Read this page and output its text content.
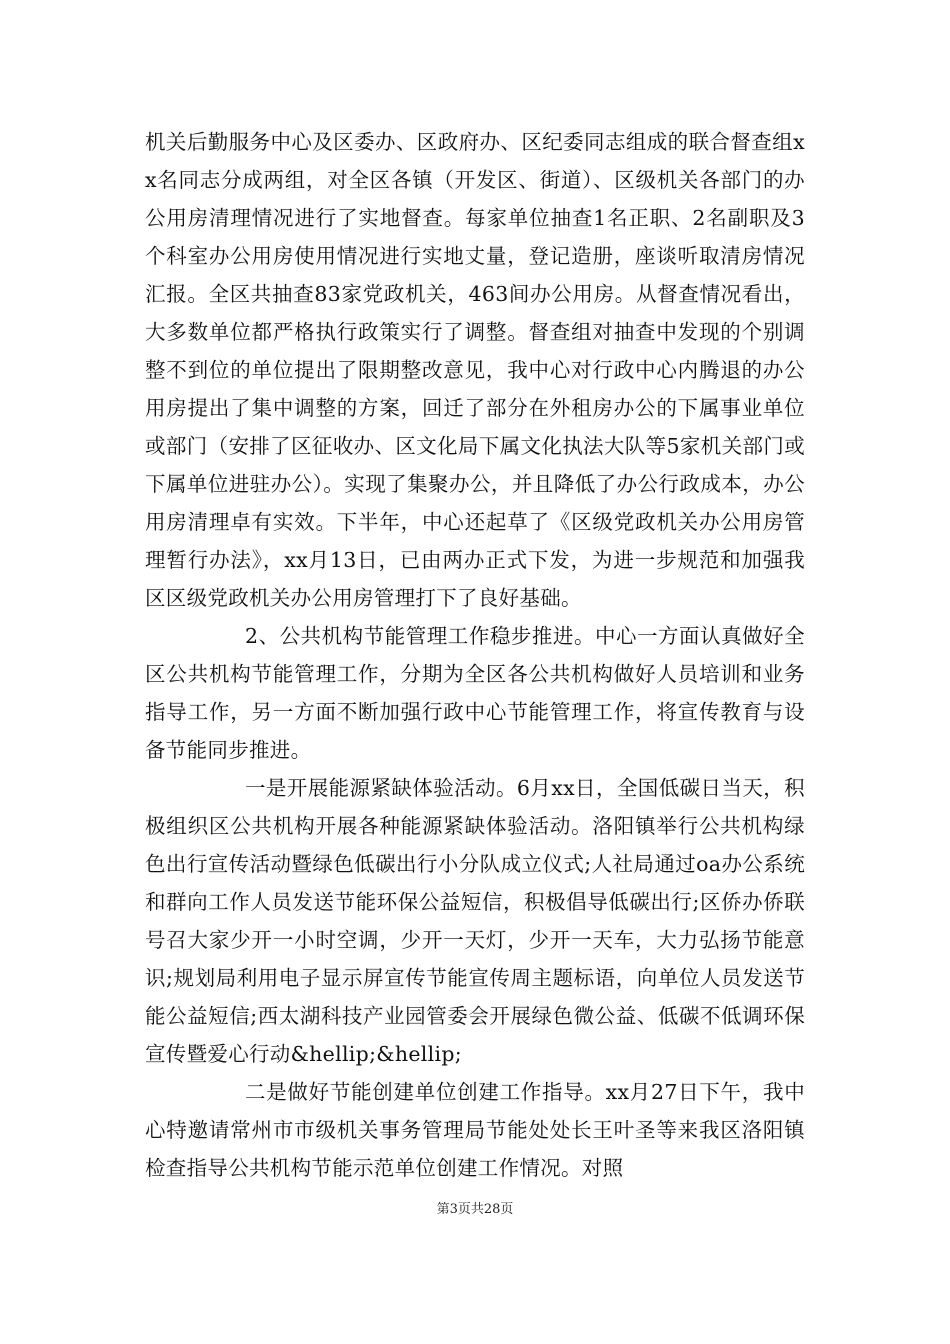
机关后勤服务中心及区委办、区政府办、区纪委同志组成的联合督查组xx名同志分成两组，对全区各镇（开发区、街道）、区级机关各部门的办公用房清理情况进行了实地督查。每家单位抽查1名正职、2名副职及3个科室办公用房使用情况进行实地丈量，登记造册，座谈听取清房情况汇报。全区共抽查83家党政机关，463间办公用房。从督查情况看出，大多数单位都严格执行政策实行了调整。督查组对抽查中发现的个别调整不到位的单位提出了限期整改意见，我中心对行政中心内腾退的办公用房提出了集中调整的方案，回迁了部分在外租房办公的下属事业单位或部门（安排了区征收办、区文化局下属文化执法大队等5家机关部门或下属单位进驻办公）。实现了集聚办公，并且降低了办公行政成本，办公用房清理卓有实效。下半年，中心还起草了《区级党政机关办公用房管理暂行办法》，xx月13日，已由两办正式下发，为进一步规范和加强我区区级党政机关办公用房管理打下了良好基础。

2、公共机构节能管理工作稳步推进。中心一方面认真做好全区公共机构节能管理工作，分期为全区各公共机构做好人员培训和业务指导工作，另一方面不断加强行政中心节能管理工作，将宣传教育与设备节能同步推进。

一是开展能源紧缺体验活动。6月xx日，全国低碳日当天，积极组织区公共机构开展各种能源紧缺体验活动。洛阳镇举行公共机构绿色出行宣传活动暨绿色低碳出行小分队成立仪式;人社局通过oa办公系统和群向工作人员发送节能环保公益短信，积极倡导低碳出行;区侨办侨联号召大家少开一小时空调，少开一天灯，少开一天车，大力弘扬节能意识;规划局利用电子显示屏宣传节能宣传周主题标语，向单位人员发送节能公益短信;西太湖科技产业园管委会开展绿色微公益、低碳不低调环保宣传暨爱心行动&hellip;&hellip;

二是做好节能创建单位创建工作指导。xx月27日下午，我中心特邀请常州市市级机关事务管理局节能处处长王叶圣等来我区洛阳镇检查指导公共机构节能示范单位创建工作情况。对照

第3页共28页
